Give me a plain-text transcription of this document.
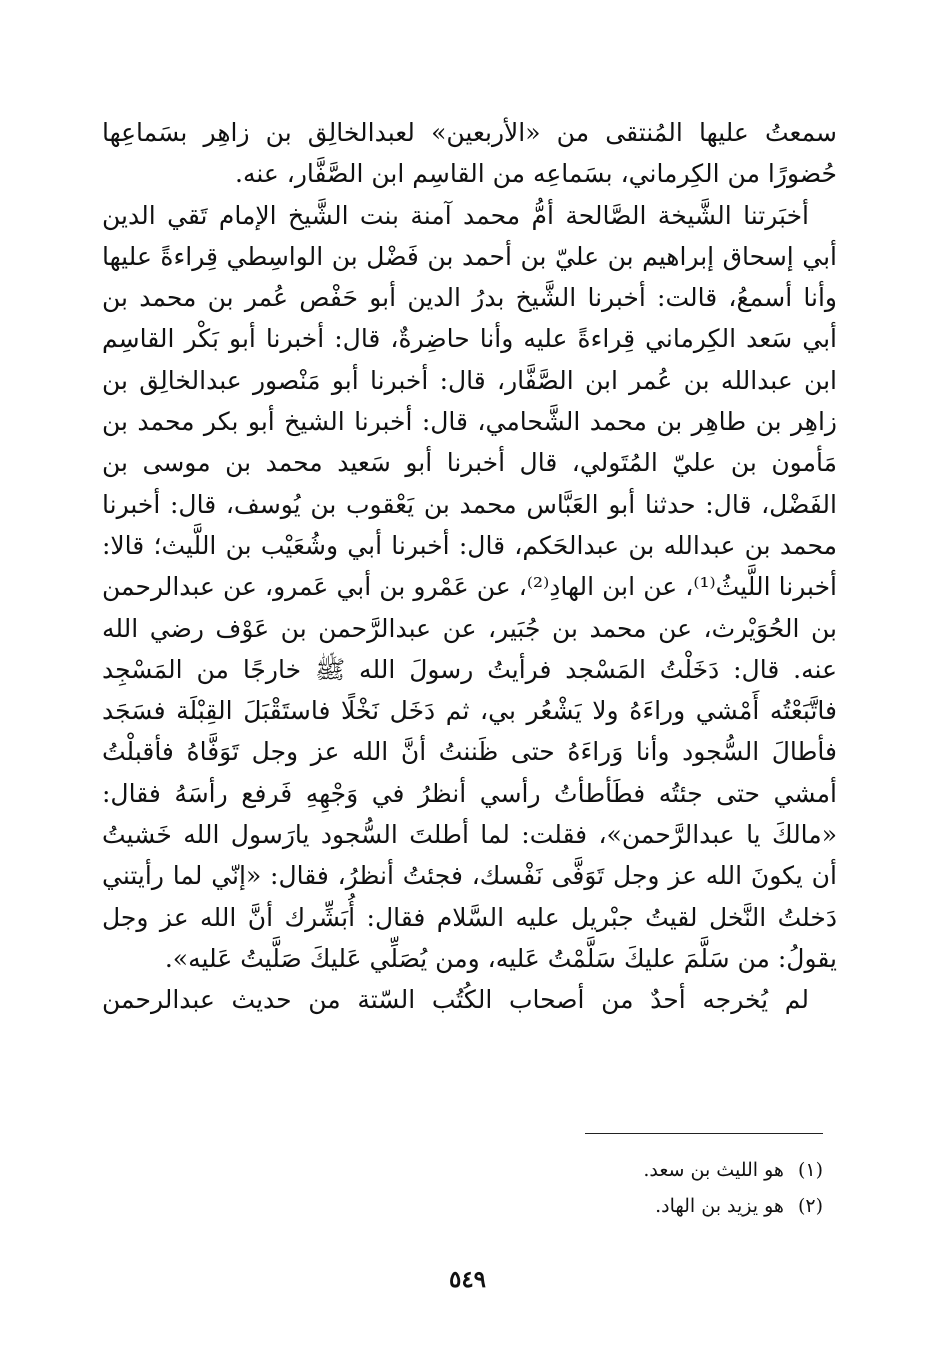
سمعتُ عليها المُنتقى من «الأربعين» لعبدالخالِق بن زاهِر بسَماعِها حُضورًا من الكِرماني، بسَماعِه من القاسِم ابن الصَّفَّار، عنه.

أخبَرتنا الشَّيخة الصَّالحة أمُّ محمد آمنة بنت الشَّيخ الإمام تَقي الدين أبي إسحاق إبراهيم بن عليّ بن أحمد بن فَضْل بن الواسِطي قِراءةً عليها وأنا أسمعُ، قالت: أخبرنا الشَّيخ بدرُ الدين أبو حَفْص عُمر بن محمد بن أبي سَعد الكِرماني قِراءةً عليه وأنا حاضِرةٌ، قال: أخبرنا أبو بَكْر القاسِم ابن عبدالله بن عُمر ابن الصَّفَّار، قال: أخبرنا أبو مَنْصور عبدالخالِق بن زاهِر بن طاهِر بن محمد الشَّحامي، قال: أخبرنا الشيخ أبو بكر محمد بن مَأمون بن عليّ المُتَولي، قال أخبرنا أبو سَعيد محمد بن موسى بن الفَضْل، قال: حدثنا أبو العَبَّاس محمد بن يَعْقوب بن يُوسف، قال: أخبرنا محمد بن عبدالله بن عبدالحَكم، قال: أخبرنا أبي وشُعَيْب بن اللَّيث؛ قالا: أخبرنا اللَّيثُ⁽¹⁾، عن ابن الهادِ⁽²⁾، عن عَمْرو بن أبي عَمرو، عن عبدالرحمن بن الحُوَيْرث، عن محمد بن جُبَير، عن عبدالرَّحمن بن عَوْف رضي الله عنه. قال: دَخَلْتُ المَسْجد فرأيتُ رسولَ الله ﷺ خارجًا من المَسْجِد فاتَّبَعْتُه أَمْشي وراءَهُ ولا يَشْعُر بي، ثم دَخَل نَخْلًا فاستَقْبَلَ القِبْلَة فسَجَد فأطالَ السُّجود وأنا وَراءَهُ حتى ظَننتُ أنَّ الله عز وجل تَوَفَّاهُ فأقبلْتُ أمشي حتى جئتُه فطَأطأتُ رأسي أنظرُ في وَجْهِهِ فَرفع رأسَهُ فقال: «مالكَ يا عبدالرَّحمن»، فقلت: لما أطلتَ السُّجود يارَسول الله خَشيتُ أن يكونَ الله عز وجل تَوَفَّى نَفْسك، فجئتُ أنظرُ، فقال: «إنّي لما رأيتني دَخلتُ النَّخل لقيتُ جبْريل عليه السَّلام فقال: أُبَشِّرك أنَّ الله عز وجل يقولُ: من سَلَّمَ عليكَ سَلَّمْتُ عَليه، ومن يُصَلِّي عَليكَ صَلَّيتُ عَليه».

لم يُخرجه أحدٌ من أصحاب الكُتُب السّتة من حديث عبدالرحمن

(١)هو الليث بن سعد.
(٢)هو يزيد بن الهاد.
٥٤٩
